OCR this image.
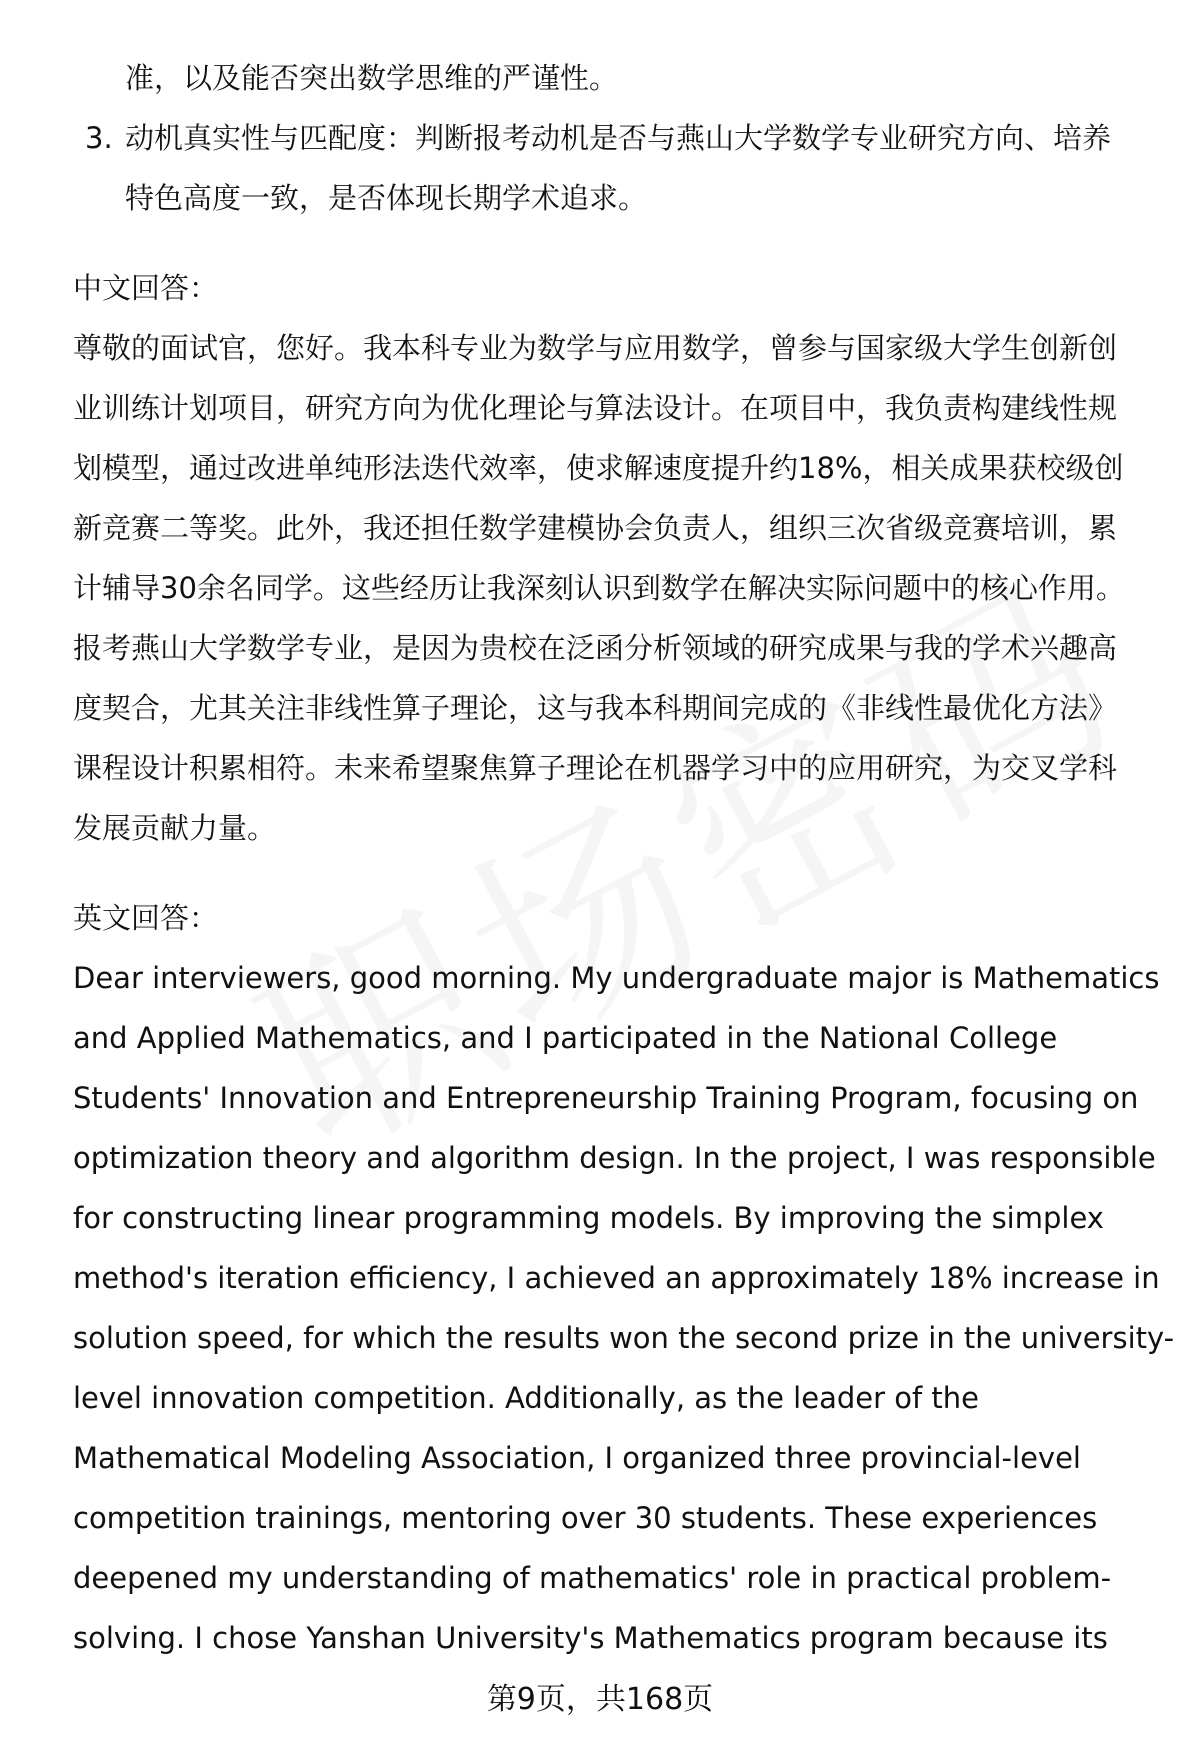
准，以及能否突出数学思维的严谨性。
3. 动机真实性与匹配度：判断报考动机是否与燕山大学数学专业研究方向、培养
特色高度一致，是否体现长期学术追求。
中文回答：
尊敬的面试官，您好。我本科专业为数学与应用数学，曾参与国家级大学生创新创
业训练计划项目，研究方向为优化理论与算法设计。在项目中，我负责构建线性规
划模型，通过改进单纯形法迭代效率，使求解速度提升约18%，相关成果获校级创
新竞赛二等奖。此外，我还担任数学建模协会负责人，组织三次省级竞赛培训，累
计辅导30余名同学。这些经历让我深刻认识到数学在解决实际问题中的核心作用。
报考燕山大学数学专业，是因为贵校在泛函分析领域的研究成果与我的学术兴趣高
度契合，尤其关注非线性算子理论，这与我本科期间完成的《非线性最优化方法》
课程设计积累相符。未来希望聚焦算子理论在机器学习中的应用研究，为交叉学科
发展贡献力量。
英文回答：
Dear interviewers, good morning. My undergraduate major is Mathematics
and Applied Mathematics, and I participated in the National College
Students' Innovation and Entrepreneurship Training Program, focusing on
optimization theory and algorithm design. In the project, I was responsible
for constructing linear programming models. By improving the simplex
method's iteration efficiency, I achieved an approximately 18% increase in
solution speed, for which the results won the second prize in the university-
level innovation competition. Additionally, as the leader of the
Mathematical Modeling Association, I organized three provincial-level
competition trainings, mentoring over 30 students. These experiences
deepened my understanding of mathematics' role in practical problem-
solving. I chose Yanshan University's Mathematics program because its
第9页，共168页
